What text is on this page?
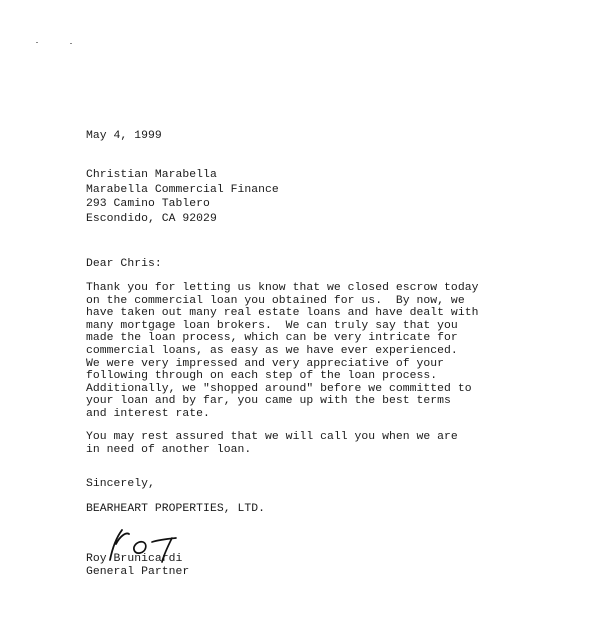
May 4, 1999
Christian Marabella
Marabella Commercial Finance
293 Camino Tablero
Escondido, CA 92029
Dear Chris:
Thank you for letting us know that we closed escrow today
on the commercial loan you obtained for us.  By now, we
have taken out many real estate loans and have dealt with
many mortgage loan brokers.  We can truly say that you
made the loan process, which can be very intricate for
commercial loans, as easy as we have ever experienced.
We were very impressed and very appreciative of your
following through on each step of the loan process.
Additionally, we "shopped around" before we committed to
your loan and by far, you came up with the best terms
and interest rate.
You may rest assured that we will call you when we are
in need of another loan.
Sincerely,
BEARHEART PROPERTIES, LTD.
Roy Brunicardi
General Partner
